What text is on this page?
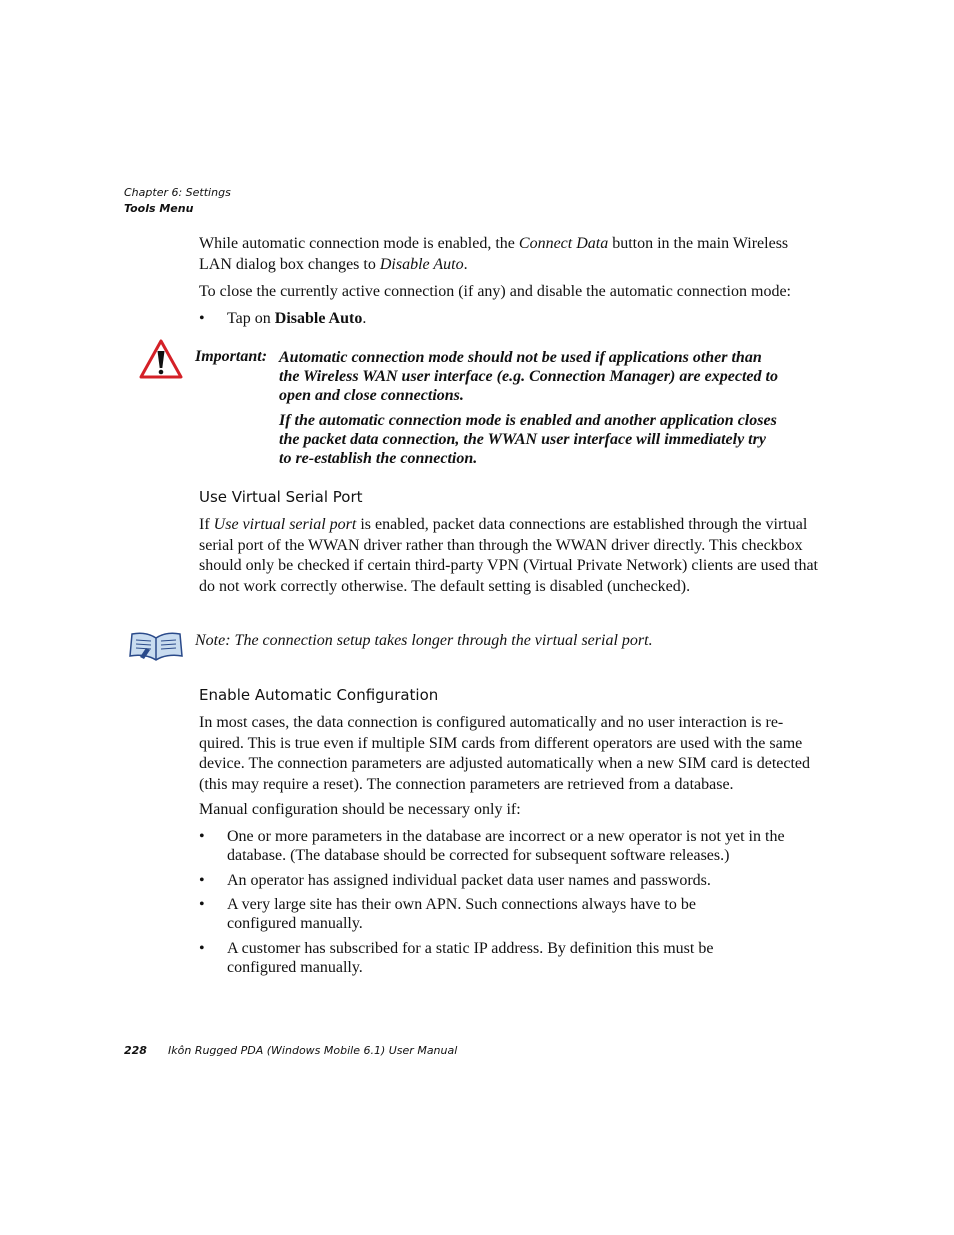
Chapter 6: Settings
Tools Menu
While automatic connection mode is enabled, the Connect Data button in the main Wireless LAN dialog box changes to Disable Auto.
To close the currently active connection (if any) and disable the automatic connection mode:
• Tap on Disable Auto.
Important: Automatic connection mode should not be used if applications other than
the Wireless WAN user interface (e.g. Connection Manager) are expected to
open and close connections.
If the automatic connection mode is enabled and another application closes
the packet data connection, the WWAN user interface will immediately try
to re-establish the connection.
Use Virtual Serial Port
If Use virtual serial port is enabled, packet data connections are established through the virtual serial port of the WWAN driver rather than through the WWAN driver directly. This checkbox should only be checked if certain third-party VPN (Virtual Private Network) clients are used that do not work correctly otherwise. The default setting is disabled (unchecked).
Note: The connection setup takes longer through the virtual serial port.
Enable Automatic Configuration
In most cases, the data connection is configured automatically and no user interaction is re-quired. This is true even if multiple SIM cards from different operators are used with the same device. The connection parameters are adjusted automatically when a new SIM card is detected (this may require a reset). The connection parameters are retrieved from a database.
Manual configuration should be necessary only if:
• One or more parameters in the database are incorrect or a new operator is not yet in the database. (The database should be corrected for subsequent software releases.)
• An operator has assigned individual packet data user names and passwords.
• A very large site has their own APN. Such connections always have to be configured manually.
• A customer has subscribed for a static IP address. By definition this must be configured manually.
228 Ikôn Rugged PDA (Windows Mobile 6.1) User Manual
